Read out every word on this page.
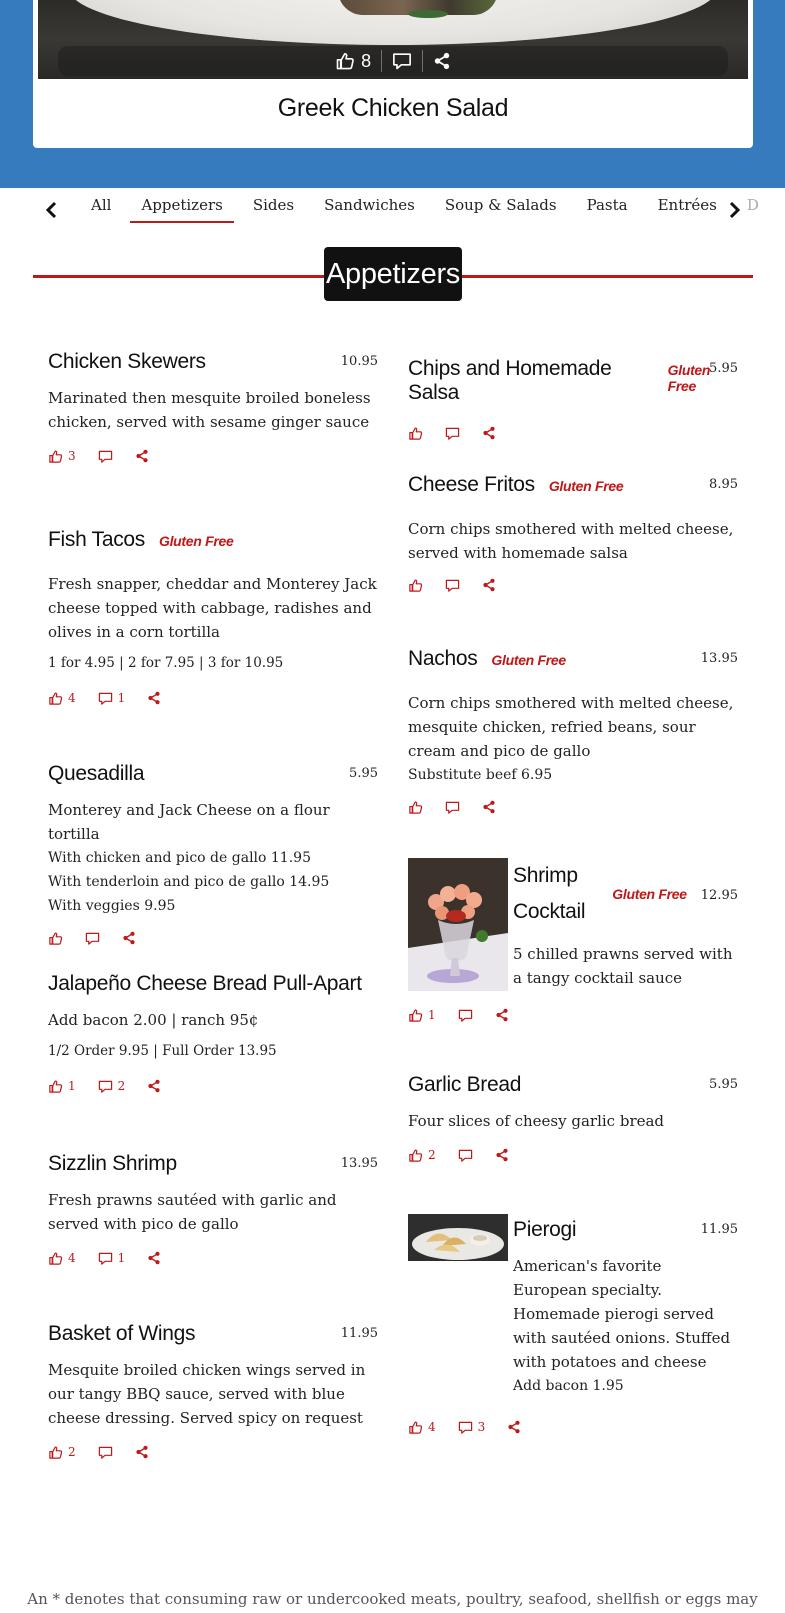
8
Greek Chicken Salad
All	Appetizers	Sides	Sandwiches	Soup & Salads	Pasta	Entrées	D
Appetizers
Chicken Skewers	10.95
Marinated then mesquite broiled boneless chicken, served with sesame ginger sauce
3
Fish Tacos Gluten Free
Fresh snapper, cheddar and Monterey Jack cheese topped with cabbage, radishes and olives in a corn tortilla
1 for 4.95 | 2 for 7.95 | 3 for 10.95
4	1
Quesadilla	5.95
Monterey and Jack Cheese on a flour tortilla
With chicken and pico de gallo 11.95
With tenderloin and pico de gallo 14.95
With veggies 9.95
Jalapeño Cheese Bread Pull-Apart
Add bacon 2.00 | ranch 95¢
1/2 Order 9.95 | Full Order 13.95
1	2
Sizzlin Shrimp	13.95
Fresh prawns sautéed with garlic and served with pico de gallo
4	1
Basket of Wings	11.95
Mesquite broiled chicken wings served in our tangy BBQ sauce, served with blue cheese dressing. Served spicy on request
2
Chips and Homemade Salsa
Gluten Free
5.95
Cheese Fritos Gluten Free	8.95
Corn chips smothered with melted cheese, served with homemade salsa
Nachos Gluten Free	13.95
Corn chips smothered with melted cheese, mesquite chicken, refried beans, sour cream and pico de gallo
Substitute beef 6.95
Shrimp
Cocktail
Gluten Free 12.95
5 chilled prawns served with a tangy cocktail sauce
1
Garlic Bread	5.95
Four slices of cheesy garlic bread
2
Pierogi	11.95
American's favorite European specialty. Homemade pierogi served with sautéed onions. Stuffed with potatoes and cheese
Add bacon 1.95
4	3
An * denotes that consuming raw or undercooked meats, poultry, seafood, shellfish or eggs may
